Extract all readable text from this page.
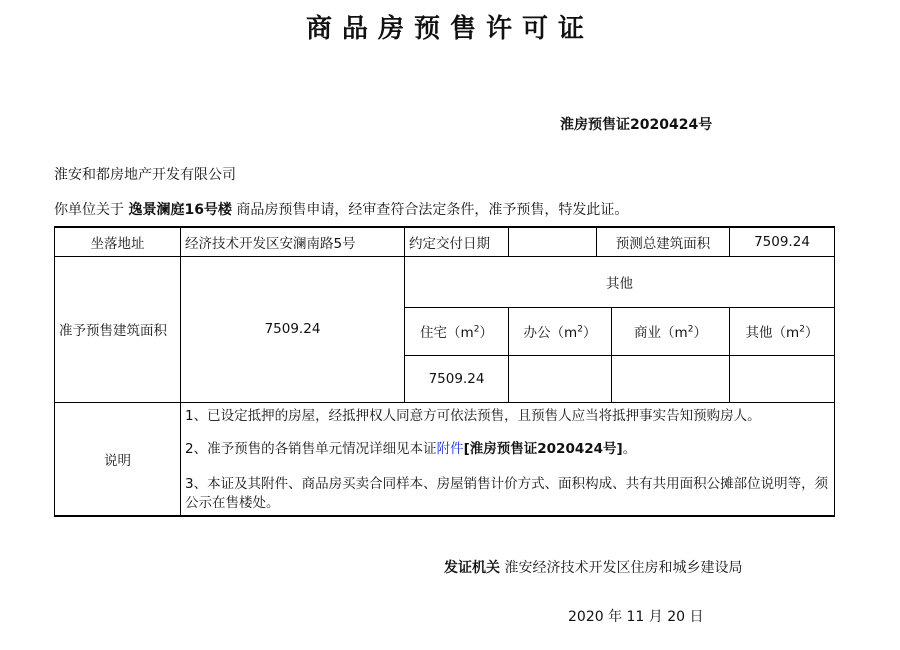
商品房预售许可证
淮房预售证2020424号
淮安和都房地产开发有限公司
你单位关于 逸景澜庭16号楼 商品房预售申请，经审查符合法定条件，准予预售，特发此证。
坐落地址	经济技术开发区安澜南路5号	约定交付日期		预测总建筑面积		7509.24
准予预售建筑面积	7509.24	其他				
		住宅$(m^2)$	办公$(m^2)$		商业$(m^2)$	其他$(m^2)$
		7509.24				
说明	1、已设定抵押的房屋，经抵押权人同意方可依法预售，且预售人应当将抵押事实告知预购房人。

2、准予预售的各销售单元情况详细见本证附件[淮房预售证2020424号]。

3、本证及其附件、商品房买卖合同样本、房屋销售计价方式、面积构成、共有共用面积公摊部位说明等，须公示在售楼处。					

发证机关 淮安经济技术开发区住房和城乡建设局
2020 年 11 月 20 日
